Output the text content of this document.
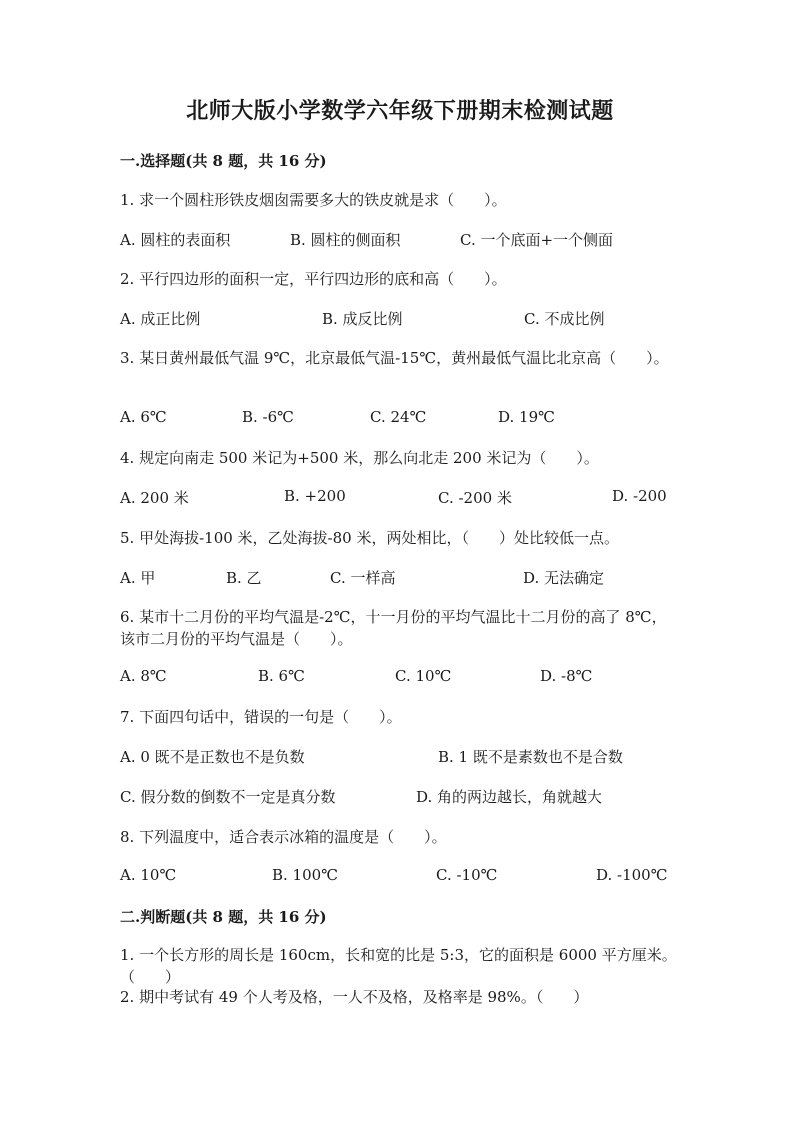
北师大版小学数学六年级下册期末检测试题
一.选择题(共 8 题，共 16 分)
1. 求一个圆柱形铁皮烟囱需要多大的铁皮就是求（　　）。
A. 圆柱的表面积	B. 圆柱的侧面积	C. 一个底面+一个侧面
2. 平行四边形的面积一定，平行四边形的底和高（　　）。
A. 成正比例	B. 成反比例	C. 不成比例
3. 某日黄州最低气温 9℃，北京最低气温-15℃，黄州最低气温比北京高（　　）。
A. 6℃	B. -6℃	C. 24℃	D. 19℃
4. 规定向南走 500 米记为+500 米，那么向北走 200 米记为（　　）。
A. 200 米	B. +200	C. -200 米	D. -200
5. 甲处海拔-100 米，乙处海拔-80 米，两处相比，（　　）处比较低一点。
A. 甲	B. 乙	C. 一样高	D. 无法确定
6. 某市十二月份的平均气温是-2℃，十一月份的平均气温比十二月份的高了 8℃，该市二月份的平均气温是（　　）。
A. 8℃	B. 6℃	C. 10℃	D. -8℃
7. 下面四句话中，错误的一句是（　　）。
A. 0 既不是正数也不是负数	B. 1 既不是素数也不是合数
C. 假分数的倒数不一定是真分数	D. 角的两边越长，角就越大
8. 下列温度中，适合表示冰箱的温度是（　　）。
A. 10℃	B. 100℃	C. -10℃	D. -100℃
二.判断题(共 8 题，共 16 分)
1. 一个长方形的周长是 160cm，长和宽的比是 5:3，它的面积是 6000 平方厘米。（　　）
2. 期中考试有 49 个人考及格，一人不及格，及格率是 98%。（　　）
